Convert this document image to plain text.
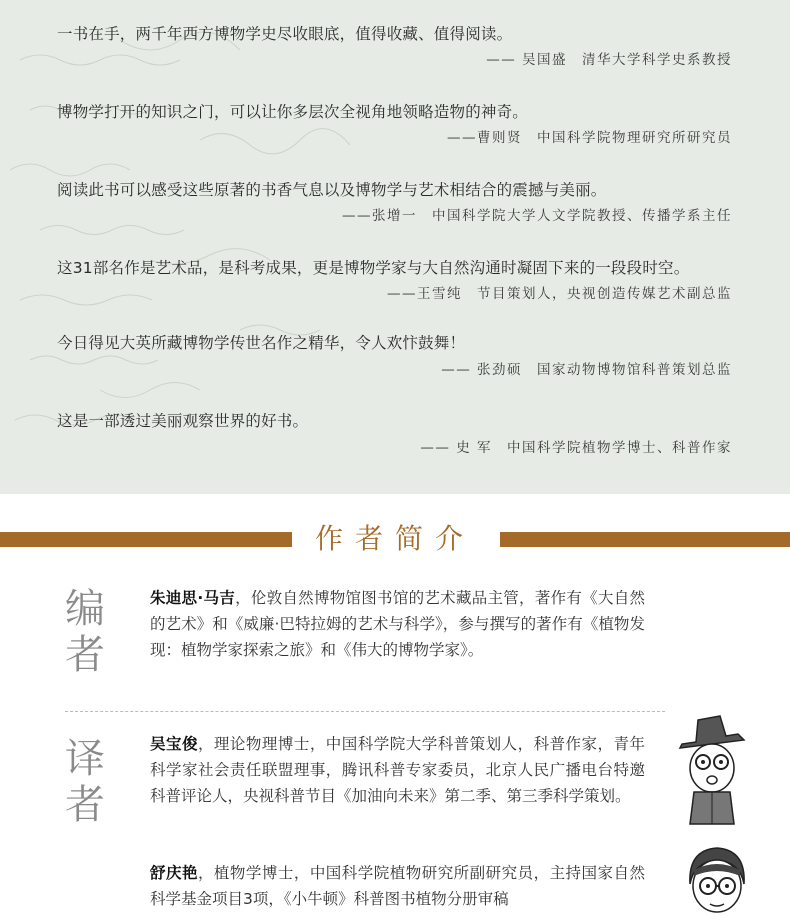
一书在手，两千年西方博物学史尽收眼底，值得收藏、值得阅读。
—— 吴国盛　清华大学科学史系教授
博物学打开的知识之门，可以让你多层次全视角地领略造物的神奇。
——曹则贤　中国科学院物理研究所研究员
阅读此书可以感受这些原著的书香气息以及博物学与艺术相结合的震撼与美丽。
——张增一　中国科学院大学人文学院教授、传播学系主任
这31部名作是艺术品，是科考成果，更是博物学家与大自然沟通时凝固下来的一段段时空。
——王雪纯　节目策划人，央视创造传媒艺术副总监
今日得见大英所藏博物学传世名作之精华，令人欢忭鼓舞！
—— 张劲硕　国家动物博物馆科普策划总监
这是一部透过美丽观察世界的好书。
—— 史 军　中国科学院植物学博士、科普作家
作者简介
编
者
朱迪思·马吉，伦敦自然博物馆图书馆的艺术藏品主管，著作有《大自然的艺术》和《威廉·巴特拉姆的艺术与科学》，参与撰写的著作有《植物发现：植物学家探索之旅》和《伟大的博物学家》。
译
者
吴宝俊，理论物理博士，中国科学院大学科普策划人，科普作家，青年科学家社会责任联盟理事，腾讯科普专家委员，北京人民广播电台特邀科普评论人，央视科普节目《加油向未来》第二季、第三季科学策划。
舒庆艳，植物学博士，中国科学院植物研究所副研究员，主持国家自然科学基金项目3项，《小牛顿》科普图书植物分册审稿
